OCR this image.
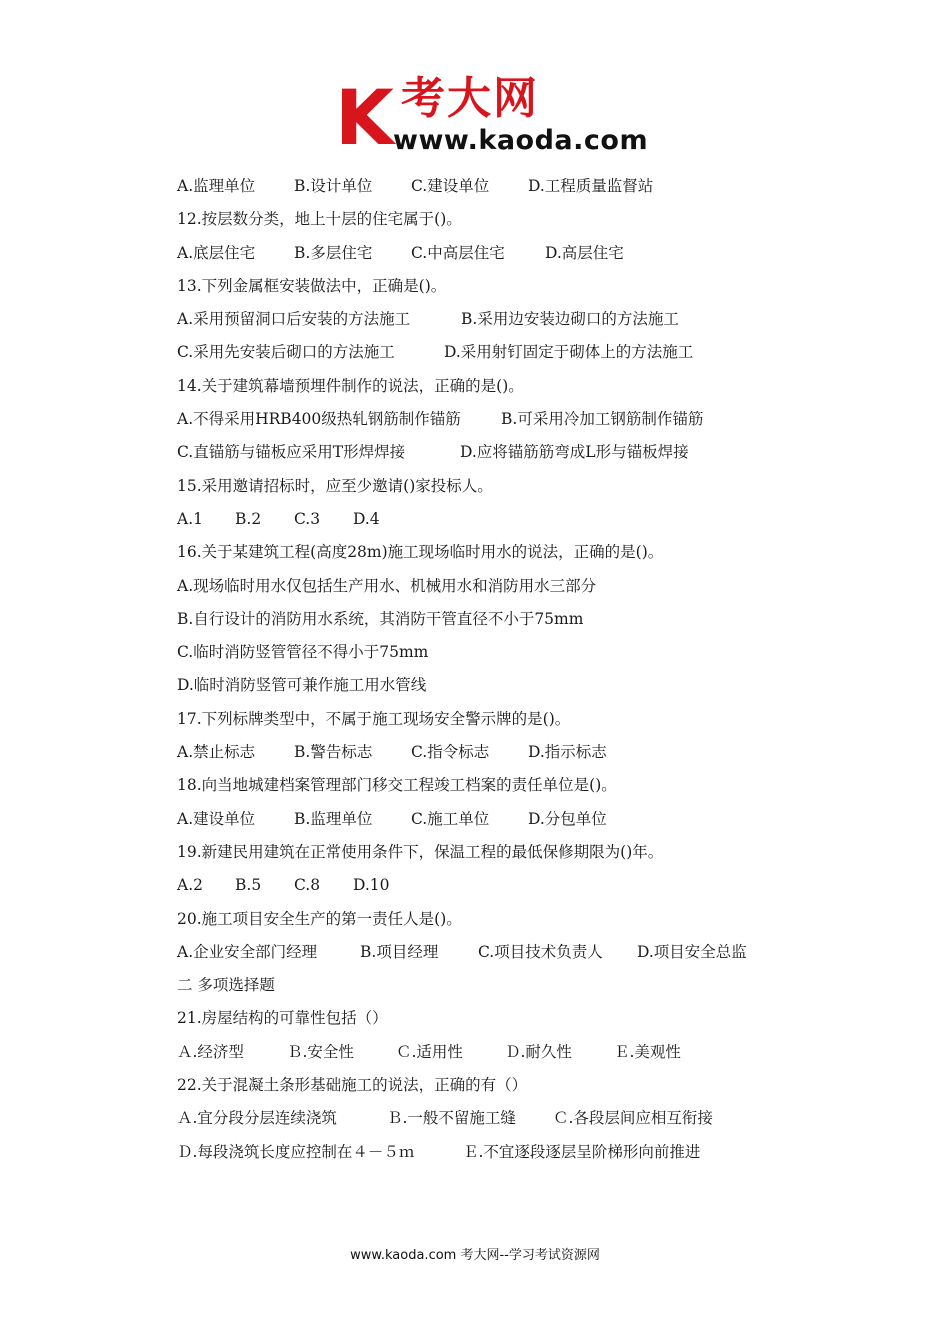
K 考大网
www.kaoda.com
A.监理单位	B.设计单位 C.建设单位	D.工程质量监督站
12.按层数分类，地上十层的住宅属于()。
A.底层住宅	B.多层住宅 C.中高层住宅	D.高层住宅
13.下列金属框安装做法中，正确是()。
A.采用预留洞口后安装的方法施工	B.采用边安装边砌口的方法施工
C.采用先安装后砌口的方法施工	D.采用射钉固定于砌体上的方法施工
14.关于建筑幕墙预埋件制作的说法，正确的是()。
A.不得采用HRB400级热轧钢筋制作锚筋	B.可采用冷加工钢筋制作锚筋
C.直锚筋与锚板应采用T形焊焊接	D.应将锚筋筋弯成L形与锚板焊接
15.采用邀请招标时，应至少邀请()家投标人。
A.1 B.2 C.3 D.4
16.关于某建筑工程(高度28m)施工现场临时用水的说法，正确的是()。
A.现场临时用水仅包括生产用水、机械用水和消防用水三部分
B.自行设计的消防用水系统，其消防干管直径不小于75mm
C.临时消防竖管管径不得小于75mm
D.临时消防竖管可兼作施工用水管线
17.下列标牌类型中，不属于施工现场安全警示牌的是()。
A.禁止标志	B.警告标志 C.指令标志	D.指示标志
18.向当地城建档案管理部门移交工程竣工档案的责任单位是()。
A.建设单位	B.监理单位 C.施工单位	D.分包单位
19.新建民用建筑在正常使用条件下，保温工程的最低保修期限为()年。
A.2 B.5 C.8 D.10
20.施工项目安全生产的第一责任人是()。
A.企业安全部门经理	B.项目经理	C.项目技术负责人 D.项目安全总监
二 多项选择题
21.房屋结构的可靠性包括（）
Ａ.经济型	Ｂ.安全性	Ｃ.适用性	Ｄ.耐久性	Ｅ.美观性
22.关于混凝土条形基础施工的说法，正确的有（）
Ａ.宜分段分层连续浇筑	Ｂ.一般不留施工缝 Ｃ.各段层间应相互衔接
Ｄ.每段浇筑长度应控制在４－５ｍ	Ｅ.不宜逐段逐层呈阶梯形向前推进
www.kaoda.com 考大网--学习考试资源网
